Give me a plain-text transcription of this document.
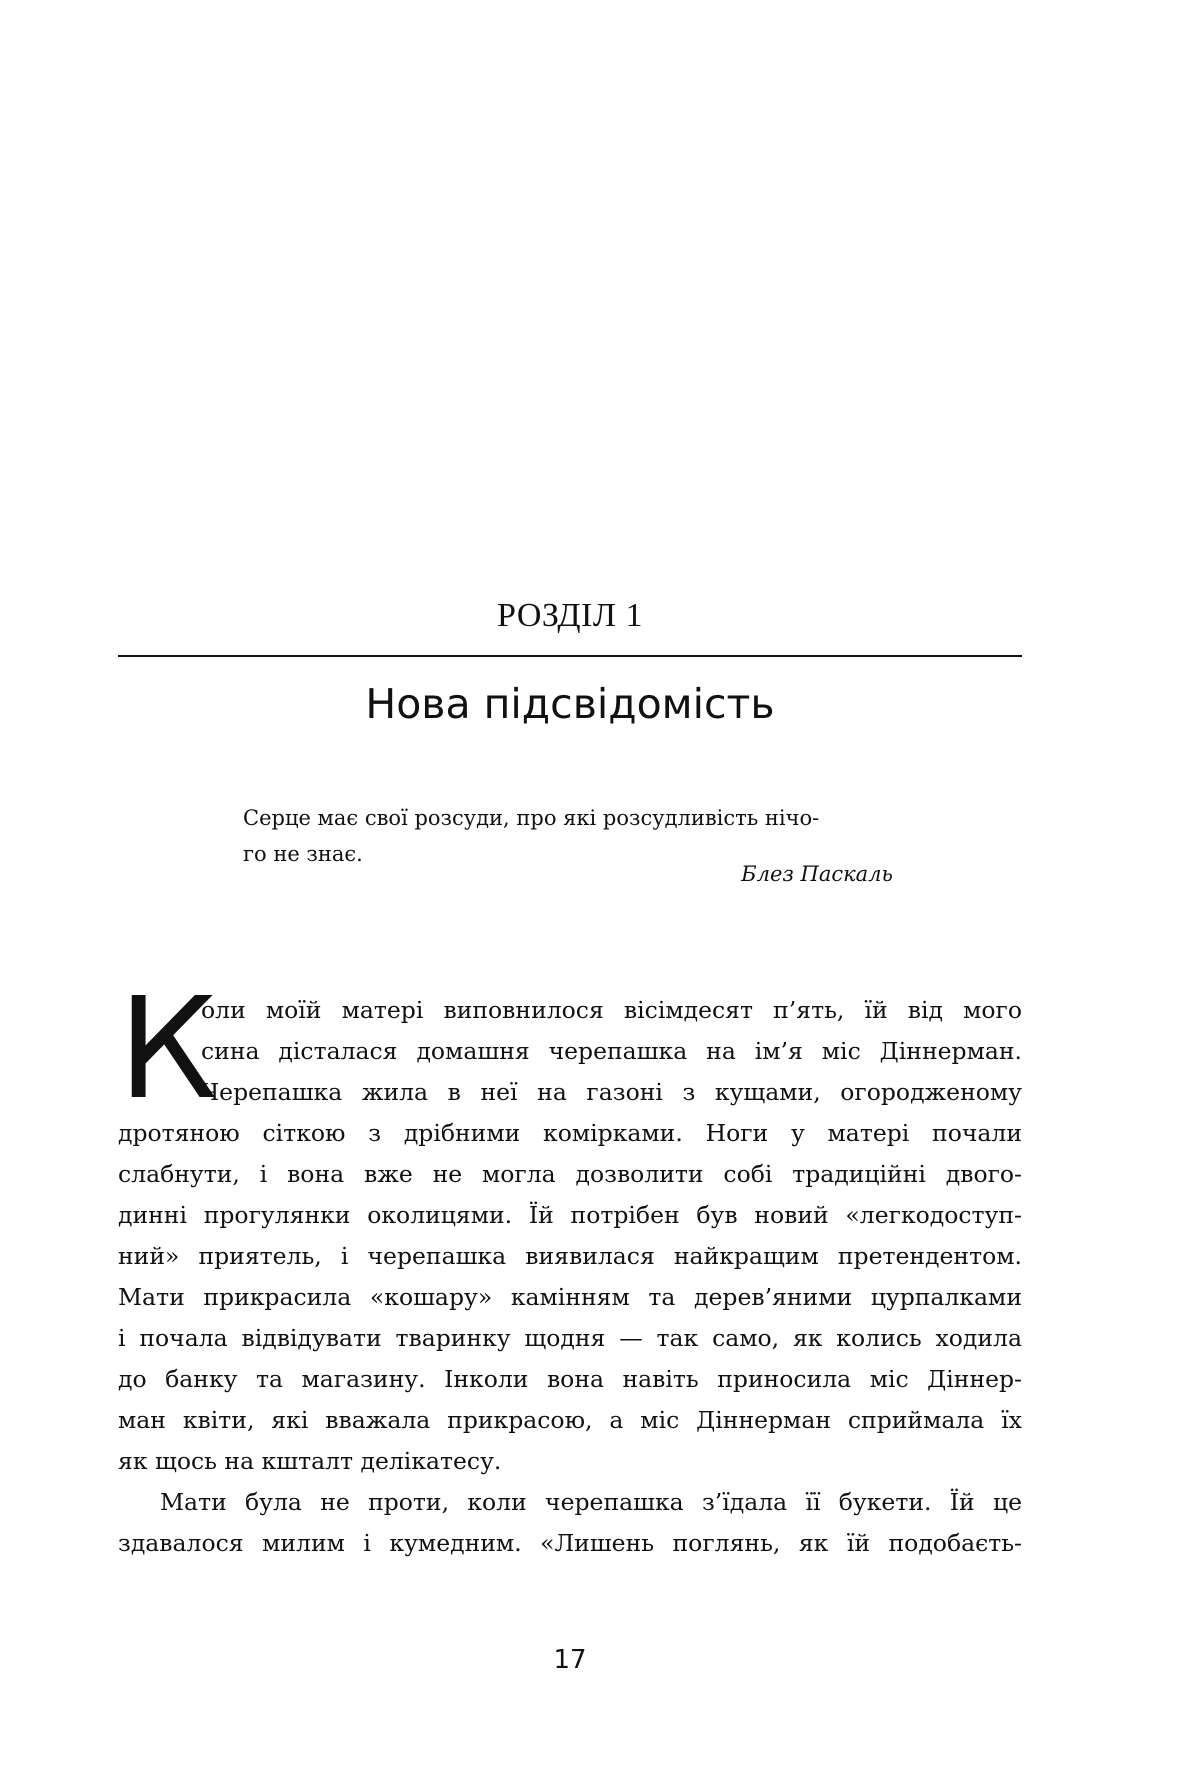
РОЗДІЛ 1
Нова підсвідомість
Серце має свої розсуди, про які розсудливість нічо-
го не знає.
Блез Паскаль
К
оли моїй матері виповнилося вісімдесят п’ять, їй від мого
сина дісталася домашня черепашка на ім’я міс Діннерман.
Черепашка жила в неї на газоні з кущами, огородженому
дротяною сіткою з дрібними комірками. Ноги у матері почали
слабнути, і вона вже не могла дозволити собі традиційні двого-
динні прогулянки околицями. Їй потрібен був новий «легкодоступ-
ний» приятель, і черепашка виявилася найкращим претендентом.
Мати прикрасила «кошару» камінням та дерев’яними цурпалками
і почала відвідувати тваринку щодня — так само, як колись ходила
до банку та магазину. Інколи вона навіть приносила міс Діннер-
ман квіти, які вважала прикрасою, а міс Діннерман сприймала їх
як щось на кшталт делікатесу.
Мати була не проти, коли черепашка з’їдала її букети. Їй це
здавалося милим і кумедним. «Лишень поглянь, як їй подобаєть-
17
